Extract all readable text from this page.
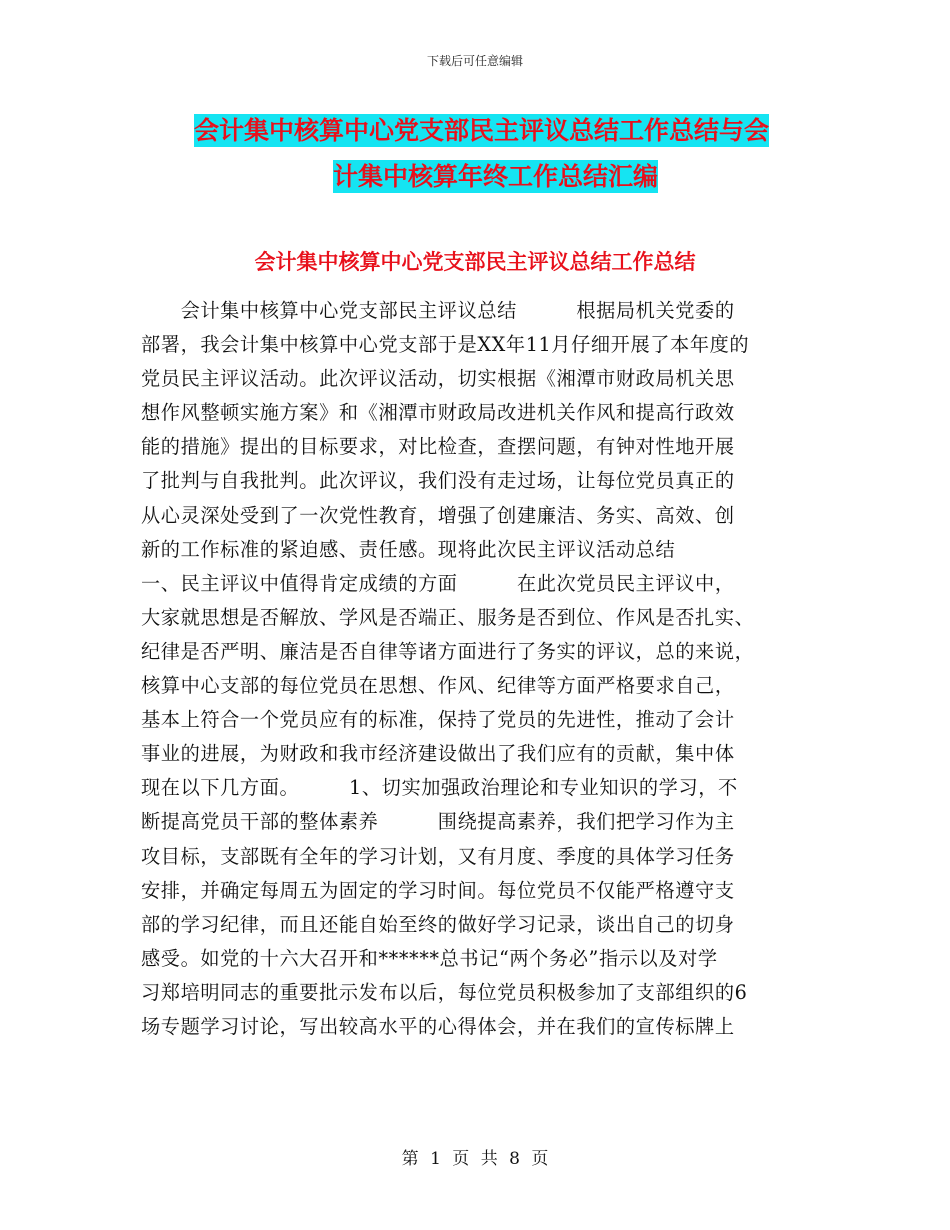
下载后可任意编辑
会计集中核算中心党支部民主评议总结工作总结与会
计集中核算年终工作总结汇编
会计集中核算中心党支部民主评议总结工作总结
　　会计集中核算中心党支部民主评议总结　　　根据局机关党委的
部署，我会计集中核算中心党支部于是XX年11月仔细开展了本年度的
党员民主评议活动。此次评议活动，切实根据《湘潭市财政局机关思
想作风整顿实施方案》和《湘潭市财政局改进机关作风和提高行政效
能的措施》提出的目标要求，对比检查，查摆问题，有钟对性地开展
了批判与自我批判。此次评议，我们没有走过场，让每位党员真正的
从心灵深处受到了一次党性教育，增强了创建廉洁、务实、高效、创
新的工作标准的紧迫感、责任感。现将此次民主评议活动总结
一、民主评议中值得肯定成绩的方面　　　在此次党员民主评议中，
大家就思想是否解放、学风是否端正、服务是否到位、作风是否扎实、
纪律是否严明、廉洁是否自律等诸方面进行了务实的评议，总的来说，
核算中心支部的每位党员在思想、作风、纪律等方面严格要求自己，
基本上符合一个党员应有的标准，保持了党员的先进性，推动了会计
事业的进展，为财政和我市经济建设做出了我们应有的贡献，集中体
现在以下几方面。　　　1、切实加强政治理论和专业知识的学习，不
断提高党员干部的整体素养　　　围绕提高素养，我们把学习作为主
攻目标，支部既有全年的学习计划，又有月度、季度的具体学习任务
安排，并确定每周五为固定的学习时间。每位党员不仅能严格遵守支
部的学习纪律，而且还能自始至终的做好学习记录，谈出自己的切身
感受。如党的十六大召开和******总书记“两个务必”指示以及对学
习郑培明同志的重要批示发布以后，每位党员积极参加了支部组织的6
场专题学习讨论，写出较高水平的心得体会，并在我们的宣传标牌上
第 1 页 共 8 页
